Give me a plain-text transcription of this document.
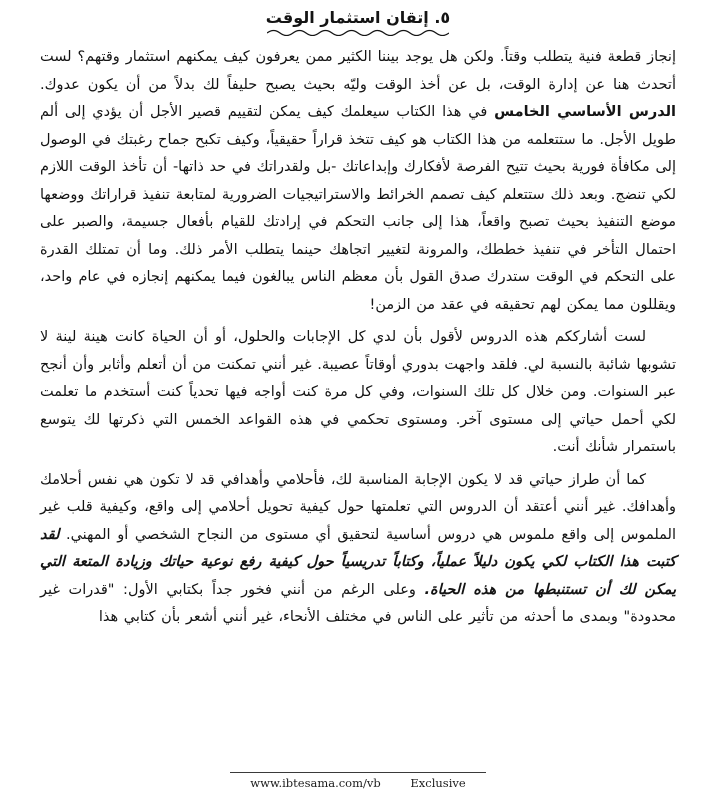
٥. إتقان استثمار الوقت

إنجاز قطعة فنية يتطلب وقتاً. ولكن هل يوجد بيننا الكثير ممن يعرفون كيف يمكنهم استثمار وقتهم؟ لست أتحدث هنا عن إدارة الوقت، بل عن أخذ الوقت وليّه بحيث يصبح حليفاً لك بدلاً من أن يكون عدوك. الدرس الأساسي الخامس في هذا الكتاب سيعلمك كيف يمكن لتقييم قصير الأجل أن يؤدي إلى ألم طويل الأجل. ما ستتعلمه من هذا الكتاب هو كيف تتخذ قراراً حقيقياً، وكيف تكبح جماح رغبتك في الوصول إلى مكافأة فورية بحيث تتيح الفرصة لأفكارك وإبداعاتك -بل ولقدراتك في حد ذاتها- أن تأخذ الوقت اللازم لكي تنضج. وبعد ذلك ستتعلم كيف تصمم الخرائط والاستراتيجيات الضرورية لمتابعة تنفيذ قراراتك ووضعها موضع التنفيذ بحيث تصبح واقعاً، هذا إلى جانب التحكم في إرادتك للقيام بأفعال جسيمة، والصبر على احتمال التأخر في تنفيذ خططك، والمرونة لتغيير اتجاهك حينما يتطلب الأمر ذلك. وما أن تمتلك القدرة على التحكم في الوقت ستدرك صدق القول بأن معظم الناس يبالغون فيما يمكنهم إنجازه في عام واحد، ويقللون مما يمكن لهم تحقيقه في عقد من الزمن!

لست أشارككم هذه الدروس لأقول بأن لدي كل الإجابات والحلول، أو أن الحياة كانت هينة لينة لا تشوبها شائبة بالنسبة لي. فلقد واجهت بدوري أوقاتاً عصيبة. غير أنني تمكنت من أن أتعلم وأثابر وأن أنجح عبر السنوات. ومن خلال كل تلك السنوات، وفي كل مرة كنت أواجه فيها تحدياً كنت أستخدم ما تعلمت لكي أحمل حياتي إلى مستوى آخر. ومستوى تحكمي في هذه القواعد الخمس التي ذكرتها لك يتوسع باستمرار شأنك أنت.

كما أن طراز حياتي قد لا يكون الإجابة المناسبة لك، فأحلامي وأهدافي قد لا تكون هي نفس أحلامك وأهدافك. غير أنني أعتقد أن الدروس التي تعلمتها حول كيفية تحويل أحلامي إلى واقع، وكيفية قلب غير الملموس إلى واقع ملموس هي دروس أساسية لتحقيق أي مستوى من النجاح الشخصي أو المهني. لقد كتبت هذا الكتاب لكي يكون دليلاً عملياً، وكتاباً تدريسياً حول كيفية رفع نوعية حياتك وزيادة المتعة التي يمكن لك أن تستنبطها من هذه الحياة. وعلى الرغم من أنني فخور جداً بكتابي الأول: "قدرات غير محدودة" وبمدى ما أحدثه من تأثير على الناس في مختلف الأنحاء، غير أنني أشعر بأن كتابي هذا

www.ibtesama.com/vb	Exclusive
